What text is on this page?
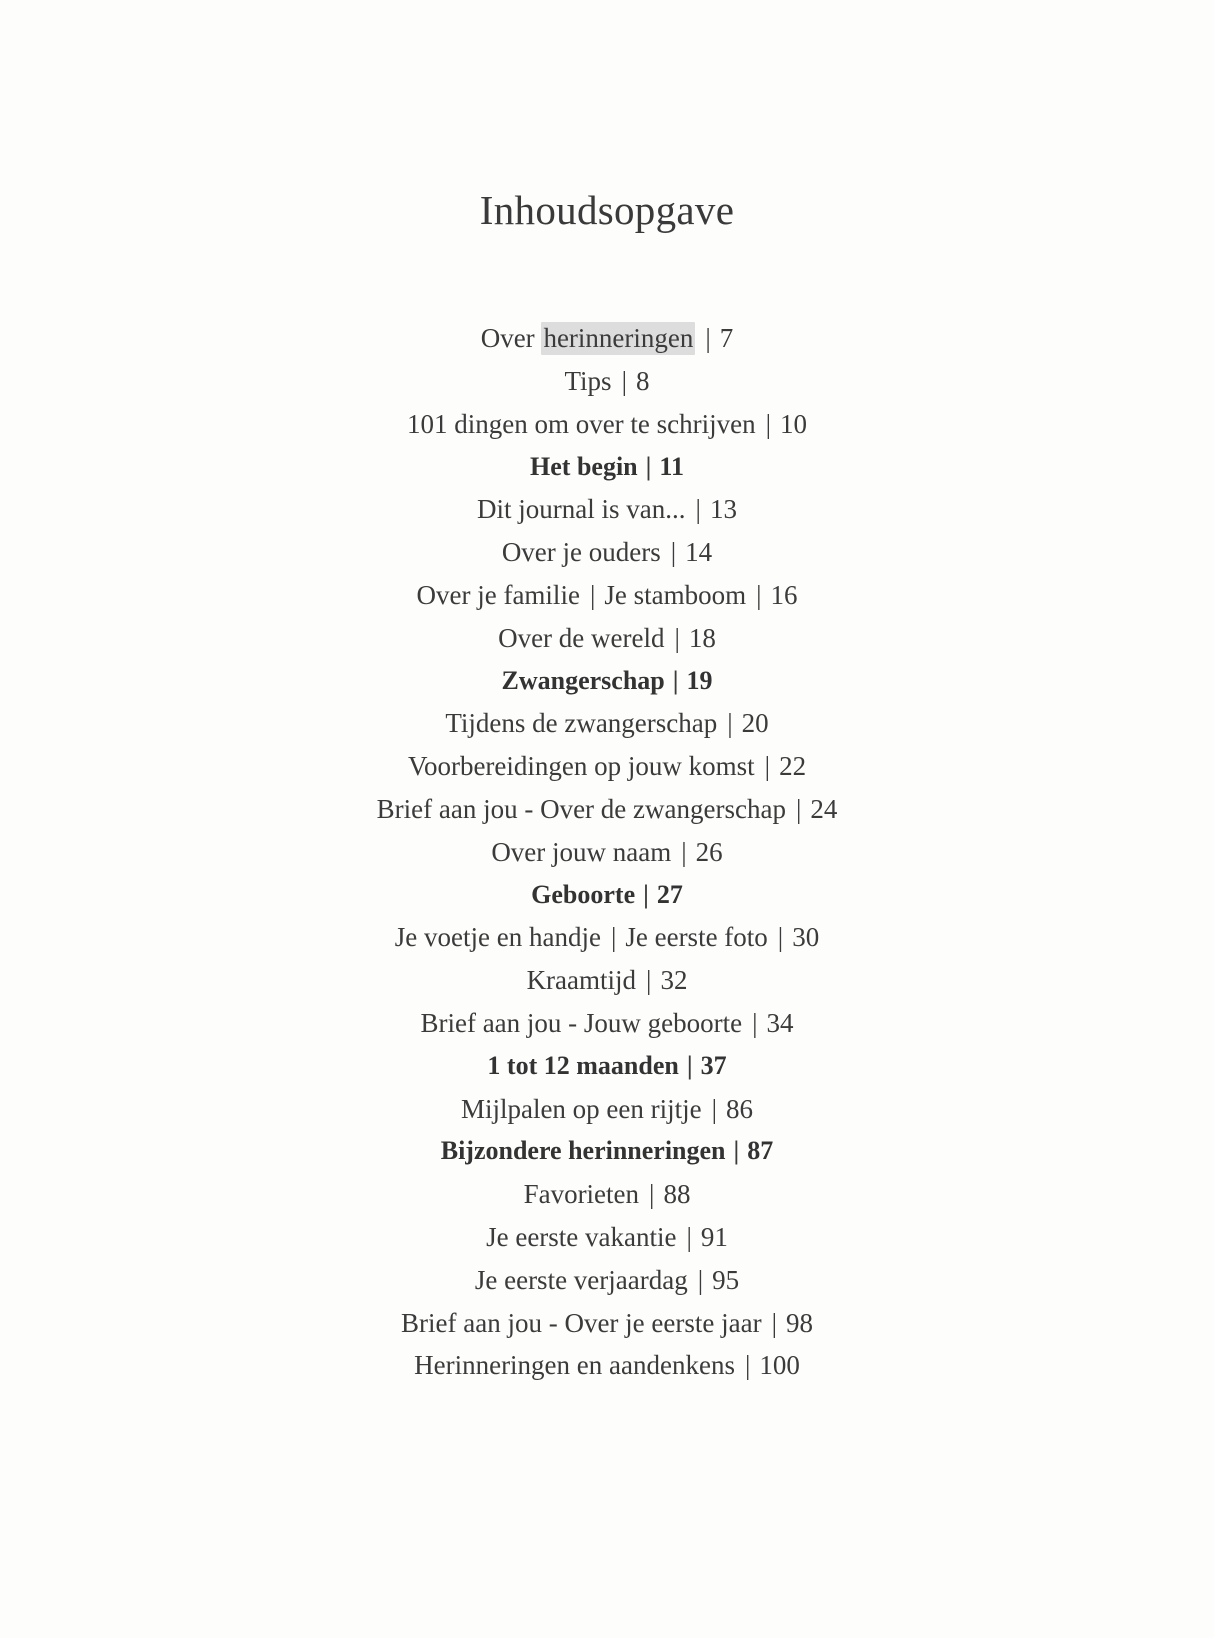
Inhoudsopgave
Over herinneringen | 7
Tips | 8
101 dingen om over te schrijven | 10
Het begin | 11
Dit journal is van... | 13
Over je ouders | 14
Over je familie | Je stamboom | 16
Over de wereld | 18
Zwangerschap | 19
Tijdens de zwangerschap | 20
Voorbereidingen op jouw komst | 22
Brief aan jou - Over de zwangerschap | 24
Over jouw naam | 26
Geboorte | 27
Je voetje en handje | Je eerste foto | 30
Kraamtijd | 32
Brief aan jou - Jouw geboorte | 34
1 tot 12 maanden | 37
Mijlpalen op een rijtje | 86
Bijzondere herinneringen | 87
Favorieten | 88
Je eerste vakantie | 91
Je eerste verjaardag | 95
Brief aan jou - Over je eerste jaar | 98
Herinneringen en aandenkens | 100
